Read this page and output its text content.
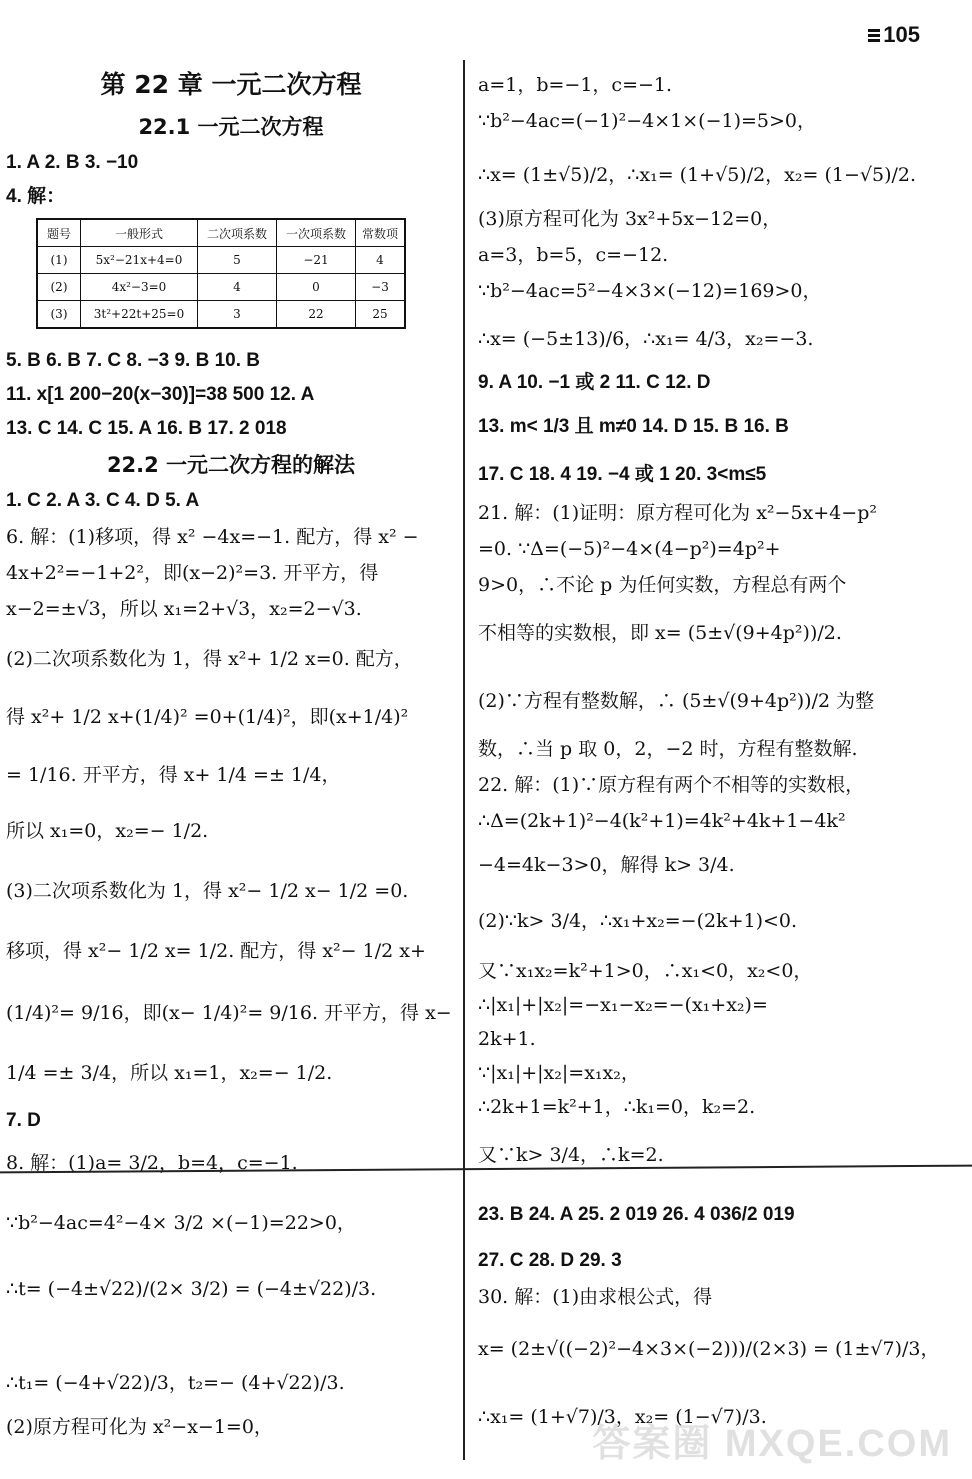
105
第 22 章 一元二次方程
22.1 一元二次方程
1. A 2. B 3. −10
4. 解：
题号	一般形式	二次项系数	一次项系数	常数项
(1)	5x²−21x+4=0	5	−21	4
(2)	4x²−3=0	4	0	−3
(3)	3t²+22t+25=0	3	22	25
5. B 6. B 7. C 8. −3 9. B 10. B
11. x[1 200−20(x−30)]=38 500 12. A
13. C 14. C 15. A 16. B 17. 2 018
22.2 一元二次方程的解法
1. C 2. A 3. C 4. D 5. A
6. 解：(1)移项，得 x² −4x=−1. 配方，得 x² −
4x+2²=−1+2²，即(x−2)²=3. 开平方，得
x−2=±√3，所以 x₁=2+√3，x₂=2−√3.
(2)二次项系数化为 1，得 x²+ 1/2 x=0. 配方，
得 x²+ 1/2 x+(1/4)² =0+(1/4)²，即(x+1/4)²
= 1/16. 开平方，得 x+ 1/4 =± 1/4，
所以 x₁=0，x₂=− 1/2.
(3)二次项系数化为 1，得 x²− 1/2 x− 1/2 =0.
移项，得 x²− 1/2 x= 1/2. 配方，得 x²− 1/2 x+
(1/4)²= 9/16，即(x− 1/4)²= 9/16. 开平方，得 x−
1/4 =± 3/4，所以 x₁=1，x₂=− 1/2.
7. D
8. 解：(1)a= 3/2，b=4，c=−1.
∵b²−4ac=4²−4× 3/2 ×(−1)=22>0，
∴t= (−4±√22)/(2× 3/2) = (−4±√22)/3.
∴t₁= (−4+√22)/3，t₂=− (4+√22)/3.
(2)原方程可化为 x²−x−1=0，
a=1，b=−1，c=−1.
∵b²−4ac=(−1)²−4×1×(−1)=5>0，
∴x= (1±√5)/2，∴x₁= (1+√5)/2，x₂= (1−√5)/2.
(3)原方程可化为 3x²+5x−12=0，
a=3，b=5，c=−12.
∵b²−4ac=5²−4×3×(−12)=169>0，
∴x= (−5±13)/6，∴x₁= 4/3，x₂=−3.
9. A 10. −1 或 2 11. C 12. D
13. m< 1/3 且 m≠0 14. D 15. B 16. B
17. C 18. 4 19. −4 或 1 20. 3<m≤5
21. 解：(1)证明：原方程可化为 x²−5x+4−p²
=0. ∵Δ=(−5)²−4×(4−p²)=4p²+
9>0，∴不论 p 为任何实数，方程总有两个
不相等的实数根，即 x= (5±√(9+4p²))/2.
(2)∵方程有整数解，∴ (5±√(9+4p²))/2 为整
数，∴当 p 取 0，2，−2 时，方程有整数解.
22. 解：(1)∵原方程有两个不相等的实数根，
∴Δ=(2k+1)²−4(k²+1)=4k²+4k+1−4k²
−4=4k−3>0，解得 k> 3/4.
(2)∵k> 3/4，∴x₁+x₂=−(2k+1)<0.
又∵x₁x₂=k²+1>0，∴x₁<0，x₂<0，
∴|x₁|+|x₂|=−x₁−x₂=−(x₁+x₂)=
2k+1.
∵|x₁|+|x₂|=x₁x₂，
∴2k+1=k²+1，∴k₁=0，k₂=2.
又∵k> 3/4，∴k=2.
23. B 24. A 25. 2 019 26. 4 036/2 019
27. C 28. D 29. 3
30. 解：(1)由求根公式，得
x= (2±√((−2)²−4×3×(−2)))/(2×3) = (1±√7)/3，
∴x₁= (1+√7)/3，x₂= (1−√7)/3.
答案圈 MXQE.COM
